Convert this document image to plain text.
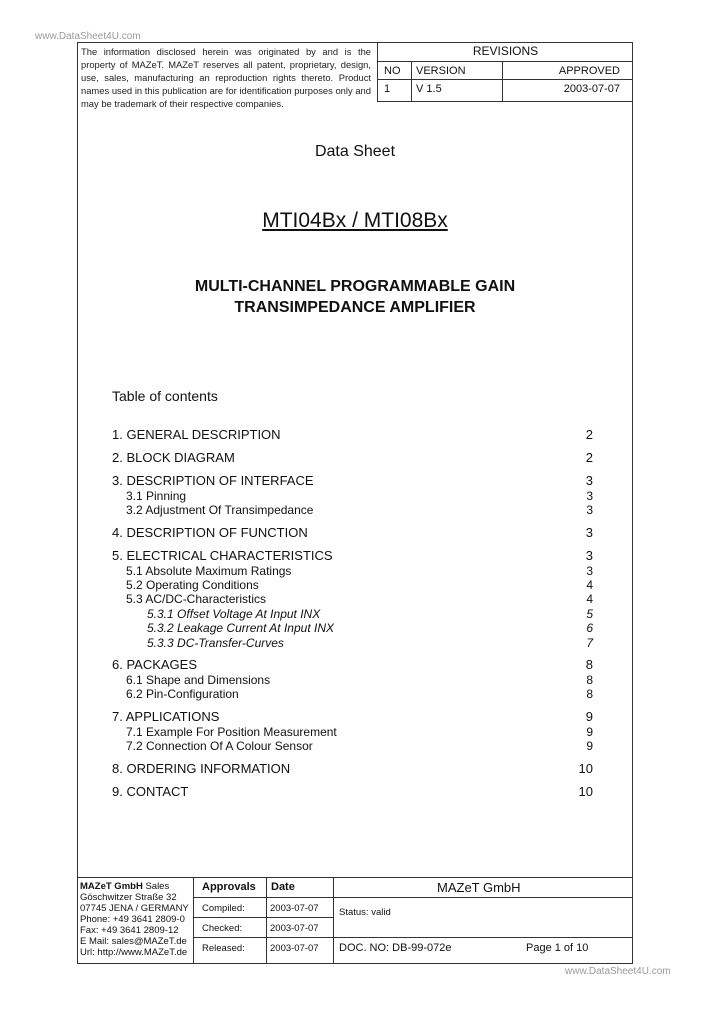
www.DataSheet4U.com
The information disclosed herein was originated by and is the property of MAZeT. MAZeT reserves all patent, proprietary, design, use, sales, manufacturing an reproduction rights thereto. Product names used in this publication are for identification purposes only and may be trademark of their respective companies.
REVISIONS
NO VERSION	APPROVED
1 V 1.5	2003-07-07
Data Sheet
MTI04Bx / MTI08Bx
MULTI-CHANNEL PROGRAMMABLE GAIN
TRANSIMPEDANCE AMPLIFIER
Table of contents
1. GENERAL DESCRIPTION	2
2. BLOCK DIAGRAM	2
3. DESCRIPTION OF INTERFACE	3
3.1 Pinning	3
3.2 Adjustment Of Transimpedance	3
4. DESCRIPTION OF FUNCTION	3
5. ELECTRICAL CHARACTERISTICS	3
5.1 Absolute Maximum Ratings	3
5.2 Operating Conditions	4
5.3 AC/DC-Characteristics	4
5.3.1 Offset Voltage At Input INX	5
5.3.2 Leakage Current At Input INX	6
5.3.3 DC-Transfer-Curves	7
6. PACKAGES	8
6.1 Shape and Dimensions	8
6.2 Pin-Configuration	8
7. APPLICATIONS	9
7.1 Example For Position Measurement	9
7.2 Connection Of A Colour Sensor	9
8. ORDERING INFORMATION	10
9. CONTACT	10
MAZeT GmbH Sales
Göschwitzer Straße 32
07745 JENA / GERMANY
Phone: +49 3641 2809-0
Fax: +49 3641 2809-12
E Mail: sales@MAZeT.de
Url: http://www.MAZeT.de
Approvals Date	MAZeT GmbH
Compiled:	2003-07-07 Status: valid
Checked:	2003-07-07
Released:	2003-07-07 DOC. NO: DB-99-072e	Page 1 of 10
www.DataSheet4U.com
